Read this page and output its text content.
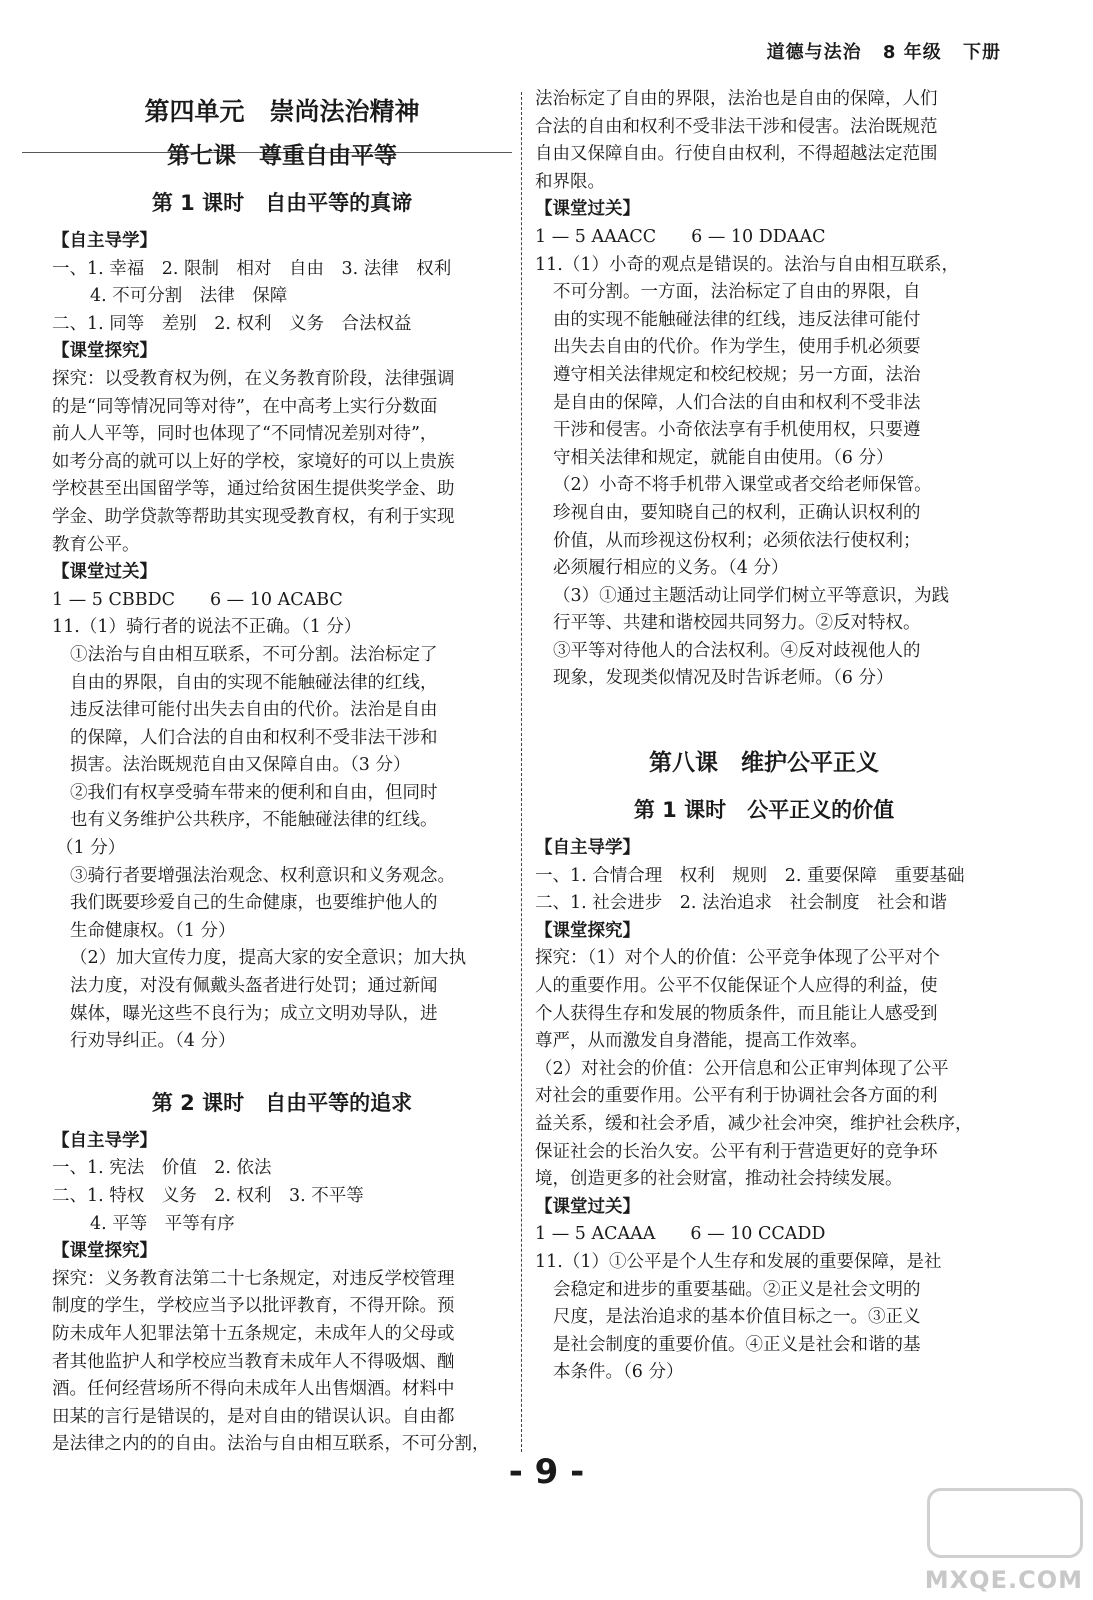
道德与法治 8 年级 下册
第四单元　崇尚法治精神
第七课　尊重自由平等
第 1 课时　自由平等的真谛
【自主导学】
一、1. 幸福　2. 限制　相对　自由　3. 法律　权利
4. 不可分割　法律　保障
二、1. 同等　差别　2. 权利　义务　合法权益
【课堂探究】
探究：以受教育权为例，在义务教育阶段，法律强调
的是“同等情况同等对待”，在中高考上实行分数面
前人人平等，同时也体现了“不同情况差别对待”，
如考分高的就可以上好的学校，家境好的可以上贵族
学校甚至出国留学等，通过给贫困生提供奖学金、助
学金、助学贷款等帮助其实现受教育权，有利于实现
教育公平。
【课堂过关】
1 — 5 CBBDC　　6 — 10 ACABC
11.（1）骑行者的说法不正确。（1 分）
①法治与自由相互联系，不可分割。法治标定了
自由的界限，自由的实现不能触碰法律的红线，
违反法律可能付出失去自由的代价。法治是自由
的保障，人们合法的自由和权利不受非法干涉和
损害。法治既规范自由又保障自由。（3 分）
②我们有权享受骑车带来的便利和自由，但同时
也有义务维护公共秩序，不能触碰法律的红线。
（1 分）
③骑行者要增强法治观念、权利意识和义务观念。
我们既要珍爱自己的生命健康，也要维护他人的
生命健康权。（1 分）
（2）加大宣传力度，提高大家的安全意识；加大执
法力度，对没有佩戴头盔者进行处罚；通过新闻
媒体，曝光这些不良行为；成立文明劝导队，进
行劝导纠正。（4 分）
第 2 课时　自由平等的追求
【自主导学】
一、1. 宪法　价值　2. 依法
二、1. 特权　义务　2. 权利　3. 不平等
4. 平等　平等有序
【课堂探究】
探究：义务教育法第二十七条规定，对违反学校管理
制度的学生，学校应当予以批评教育，不得开除。预
防未成年人犯罪法第十五条规定，未成年人的父母或
者其他监护人和学校应当教育未成年人不得吸烟、酗
酒。任何经营场所不得向未成年人出售烟酒。材料中
田某的言行是错误的，是对自由的错误认识。自由都
是法律之内的的自由。法治与自由相互联系，不可分割，
法治标定了自由的界限，法治也是自由的保障，人们
合法的自由和权利不受非法干涉和侵害。法治既规范
自由又保障自由。行使自由权利，不得超越法定范围
和界限。
【课堂过关】
1 — 5 AAACC　　6 — 10 DDAAC
11.（1）小奇的观点是错误的。法治与自由相互联系，
不可分割。一方面，法治标定了自由的界限，自
由的实现不能触碰法律的红线，违反法律可能付
出失去自由的代价。作为学生，使用手机必须要
遵守相关法律规定和校纪校规；另一方面，法治
是自由的保障，人们合法的自由和权利不受非法
干涉和侵害。小奇依法享有手机使用权，只要遵
守相关法律和规定，就能自由使用。（6 分）
（2）小奇不将手机带入课堂或者交给老师保管。
珍视自由，要知晓自己的权利，正确认识权利的
价值，从而珍视这份权利；必须依法行使权利；
必须履行相应的义务。（4 分）
（3）①通过主题活动让同学们树立平等意识，为践
行平等、共建和谐校园共同努力。②反对特权。
③平等对待他人的合法权利。④反对歧视他人的
现象，发现类似情况及时告诉老师。（6 分）
第八课　维护公平正义
第 1 课时　公平正义的价值
【自主导学】
一、1. 合情合理　权利　规则　2. 重要保障　重要基础
二、1. 社会进步　2. 法治追求　社会制度　社会和谐
【课堂探究】
探究：（1）对个人的价值：公平竞争体现了公平对个
人的重要作用。公平不仅能保证个人应得的利益，使
个人获得生存和发展的物质条件，而且能让人感受到
尊严，从而激发自身潜能，提高工作效率。
（2）对社会的价值：公开信息和公正审判体现了公平
对社会的重要作用。公平有利于协调社会各方面的利
益关系，缓和社会矛盾，减少社会冲突，维护社会秩序，
保证社会的长治久安。公平有利于营造更好的竞争环
境，创造更多的社会财富，推动社会持续发展。
【课堂过关】
1 — 5 ACAAA　　6 — 10 CCADD
11.（1）①公平是个人生存和发展的重要保障，是社
会稳定和进步的重要基础。②正义是社会文明的
尺度，是法治追求的基本价值目标之一。③正义
是社会制度的重要价值。④正义是社会和谐的基
本条件。（6 分）
- 9 -
MXQE.COM
